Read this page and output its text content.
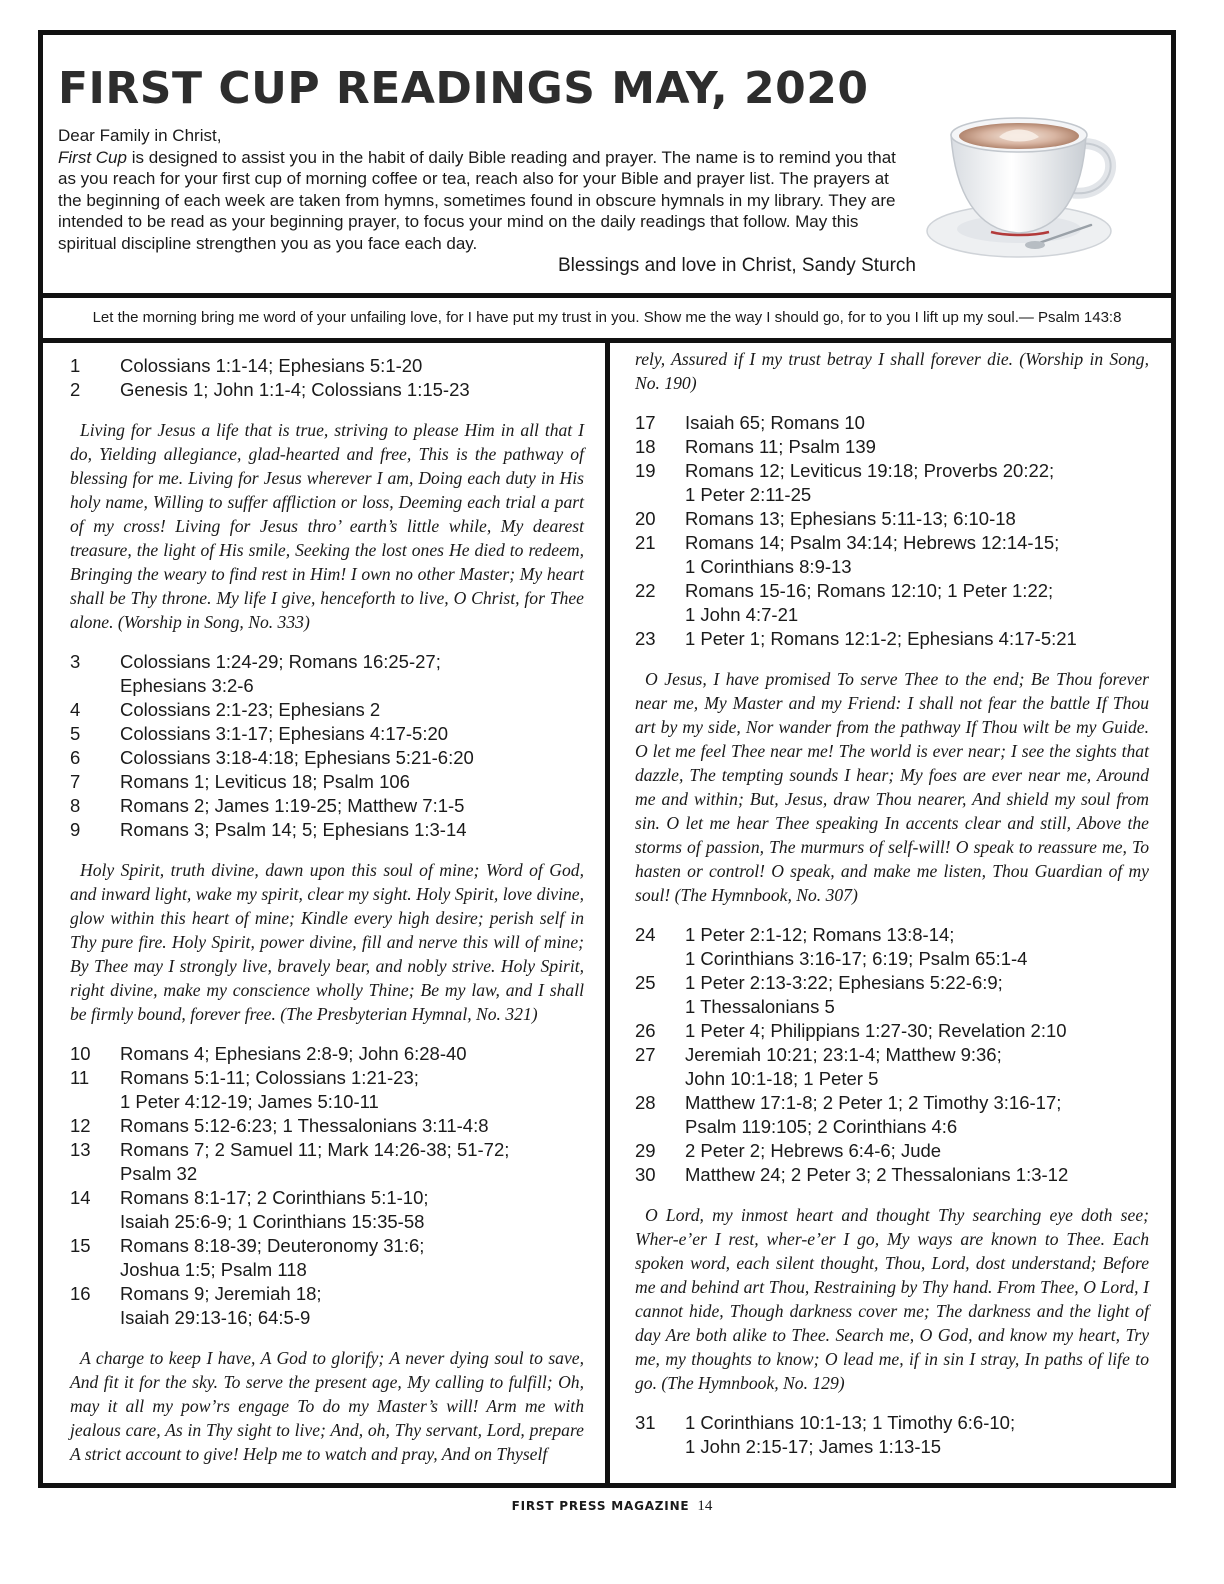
FIRST CUP READINGS MAY, 2020

Dear Family in Christ,

First Cup is designed to assist you in the habit of daily Bible reading and prayer. The name is to remind you that as you reach for your first cup of morning coffee or tea, reach also for your Bible and prayer list. The prayers at the beginning of each week are taken from hymns, sometimes found in obscure hymnals in my library. They are intended to be read as your beginning prayer, to focus your mind on the daily readings that follow. May this spiritual discipline strengthen you as you face each day.

Blessings and love in Christ, Sandy Sturch

Let the morning bring me word of your unfailing love, for I have put my trust in you. Show me the way I should go, for to you I lift up my soul.— Psalm 143:8
1	Colossians 1:1-14; Ephesians 5:1-20
2	Genesis 1; John 1:1-4; Colossians 1:15-23

Living for Jesus a life that is true, striving to please Him in all that I do, Yielding allegiance, glad-hearted and free, This is the pathway of blessing for me. Living for Jesus wherever I am, Doing each duty in His holy name, Willing to suffer affliction or loss, Deeming each trial a part of my cross! Living for Jesus thro’ earth’s little while, My dearest treasure, the light of His smile, Seeking the lost ones He died to redeem, Bringing the weary to find rest in Him! I own no other Master; My heart shall be Thy throne. My life I give, henceforth to live, O Christ, for Thee alone. (Worship in Song, No. 333)

3	Colossians 1:24-29; Romans 16:25-27;
Ephesians 3:2-6
4	Colossians 2:1-23; Ephesians 2
5	Colossians 3:1-17; Ephesians 4:17-5:20
6	Colossians 3:18-4:18; Ephesians 5:21-6:20
7	Romans 1; Leviticus 18; Psalm 106
8	Romans 2; James 1:19-25; Matthew 7:1-5
9	Romans 3; Psalm 14; 5; Ephesians 1:3-14

Holy Spirit, truth divine, dawn upon this soul of mine; Word of God, and inward light, wake my spirit, clear my sight. Holy Spirit, love divine, glow within this heart of mine; Kindle every high desire; perish self in Thy pure fire. Holy Spirit, power divine, fill and nerve this will of mine; By Thee may I strongly live, bravely bear, and nobly strive. Holy Spirit, right divine, make my conscience wholly Thine; Be my law, and I shall be firmly bound, forever free. (The Presbyterian Hymnal, No. 321)

10	Romans 4; Ephesians 2:8-9; John 6:28-40
11	Romans 5:1-11; Colossians 1:21-23;
1 Peter 4:12-19; James 5:10-11
12	Romans 5:12-6:23; 1 Thessalonians 3:11-4:8
13	Romans 7; 2 Samuel 11; Mark 14:26-38; 51-72;
Psalm 32
14	Romans 8:1-17; 2 Corinthians 5:1-10;
Isaiah 25:6-9; 1 Corinthians 15:35-58
15	Romans 8:18-39; Deuteronomy 31:6;
Joshua 1:5; Psalm 118
16	Romans 9; Jeremiah 18;
Isaiah 29:13-16; 64:5-9

A charge to keep I have, A God to glorify; A never dying soul to save, And fit it for the sky. To serve the present age, My calling to fulfill; Oh, may it all my pow’rs engage To do my Master’s will! Arm me with jealous care, As in Thy sight to live; And, oh, Thy servant, Lord, prepare A strict account to give! Help me to watch and pray, And on Thyself

rely, Assured if I my trust betray I shall forever die. (Worship in Song, No. 190)

17	Isaiah 65; Romans 10
18	Romans 11; Psalm 139
19	Romans 12; Leviticus 19:18; Proverbs 20:22;
1 Peter 2:11-25
20	Romans 13; Ephesians 5:11-13; 6:10-18
21	Romans 14; Psalm 34:14; Hebrews 12:14-15;
1 Corinthians 8:9-13
22	Romans 15-16; Romans 12:10; 1 Peter 1:22;
1 John 4:7-21
23	1 Peter 1; Romans 12:1-2; Ephesians 4:17-5:21

O Jesus, I have promised To serve Thee to the end; Be Thou forever near me, My Master and my Friend: I shall not fear the battle If Thou art by my side, Nor wander from the pathway If Thou wilt be my Guide. O let me feel Thee near me! The world is ever near; I see the sights that dazzle, The tempting sounds I hear; My foes are ever near me, Around me and within; But, Jesus, draw Thou nearer, And shield my soul from sin. O let me hear Thee speaking In accents clear and still, Above the storms of passion, The murmurs of self-will! O speak to reassure me, To hasten or control! O speak, and make me listen, Thou Guardian of my soul! (The Hymnbook, No. 307)

24	1 Peter 2:1-12; Romans 13:8-14;
1 Corinthians 3:16-17; 6:19; Psalm 65:1-4
25	1 Peter 2:13-3:22; Ephesians 5:22-6:9;
1 Thessalonians 5
26	1 Peter 4; Philippians 1:27-30; Revelation 2:10
27	Jeremiah 10:21; 23:1-4; Matthew 9:36;
John 10:1-18; 1 Peter 5
28	Matthew 17:1-8; 2 Peter 1; 2 Timothy 3:16-17;
Psalm 119:105; 2 Corinthians 4:6
29	2 Peter 2; Hebrews 6:4-6; Jude
30	Matthew 24; 2 Peter 3; 2 Thessalonians 1:3-12

O Lord, my inmost heart and thought Thy searching eye doth see; Wher-e’er I rest, wher-e’er I go, My ways are known to Thee. Each spoken word, each silent thought, Thou, Lord, dost understand; Before me and behind art Thou, Restraining by Thy hand. From Thee, O Lord, I cannot hide, Though darkness cover me; The darkness and the light of day Are both alike to Thee. Search me, O God, and know my heart, Try me, my thoughts to know; O lead me, if in sin I stray, In paths of life to go. (The Hymnbook, No. 129)

31	1 Corinthians 10:1-13; 1 Timothy 6:6-10;
1 John 2:15-17; James 1:13-15
FIRST PRESS MAGAZINE 14
